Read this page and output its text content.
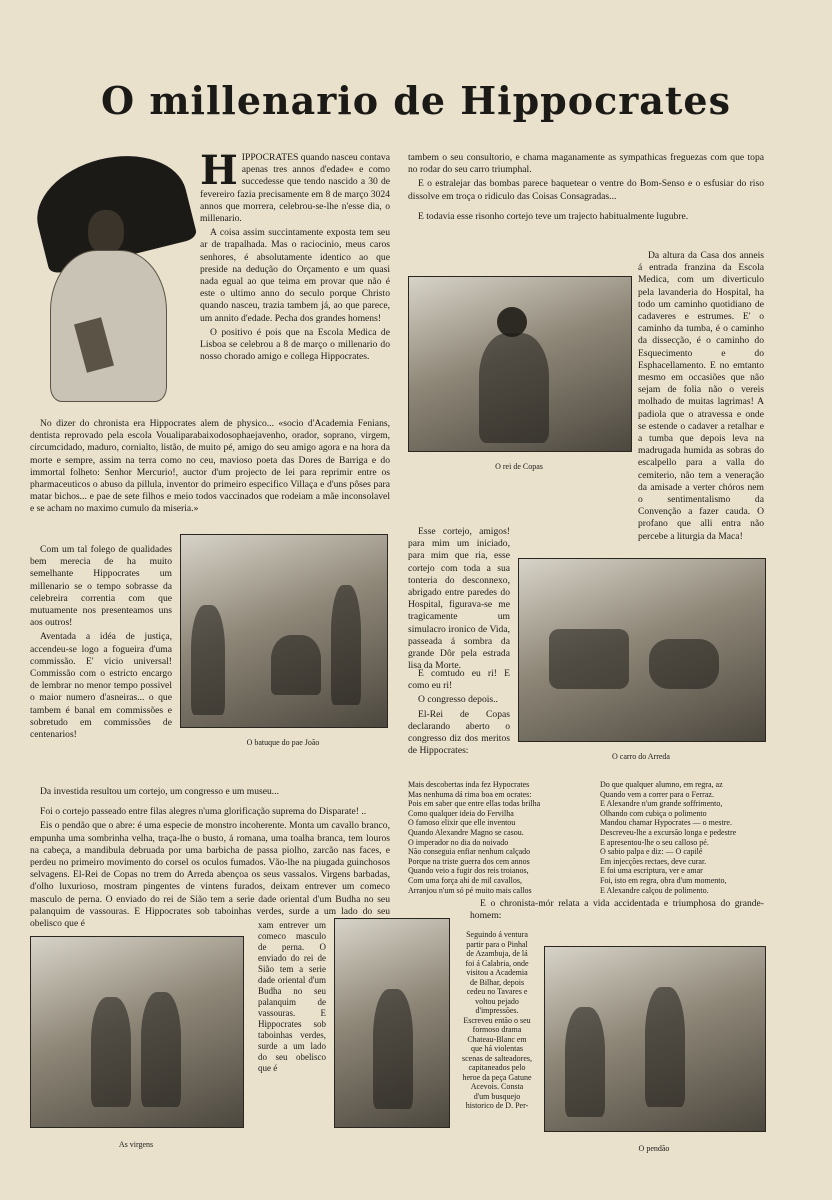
O millenario de Hippocrates

HIPPOCRATES quando nasceu contava apenas tres annos d'edade« e como succedesse que tendo nascido a 30 de fevereiro fazia precisamente em 8 de março 3024 annos que morrera, celebrou-se-lhe n'esse dia, o millenario.

A coisa assim succintamente exposta tem seu ar de trapalhada. Mas o raciocinio, meus caros senhores, é absolutamente identico ao que preside na dedução do Orçamento e um quasi nada egual ao que teima em provar que não é este o ultimo anno do seculo porque Christo quando nasceu, trazia tambem já, ao que parece, um annito d'edade. Pecha dos grandes homens!

O positivo é pois que na Escola Medica de Lisboa se celebrou a 8 de março o millenario do nosso chorado amigo e collega Hippocrates.

No dizer do chronista era Hippocrates alem de physico... «socio d'Academia Fenians, dentista reprovado pela escola Voualiparabaixodosophaejavenho, orador, soprano, virgem, circumcidado, maduro, cornialto, listão, de muito pé, amigo do seu amigo agora e na hora da morte e sempre, assim na terra como no ceu, mavioso poeta das Dores de Barriga e do immortal folheto: Senhor Mercurio!, auctor d'um projecto de lei para reprimir entre os pharmaceuticos o abuso da pillula, inventor do primeiro especifico Villaça e d'uns pôses para matar bichos... e pae de sete filhos e meio todos vaccinados que rodeiam a mãe inconsolavel e se acham no maximo cumulo da miseria.»

O batuque do pae João

Com um tal folego de qualidades bem merecia de ha muito semelhante Hippocrates um millenario se o tempo sobrasse da celebreira correntia com que mutuamente nos presenteamos uns aos outros!

Aventada a idéa de justiça, accendeu-se logo a fogueira d'uma commissão. E' vicio universal! Commissão com o estricto encargo de lembrar no menor tempo possivel o maior numero d'asneiras... o que tambem é banal em commissões e sobretudo em commissões de centenarios!

Da investida resultou um cortejo, um congresso e um museu...

Foi o cortejo passeado entre filas alegres n'uma glorificação suprema do Disparate! ..

Eis o pendão que o abre: é uma especie de monstro incoherente. Monta um cavallo branco, empunha uma sombrinha velha, traça-lhe o busto, á romana, uma toalha branca, tem louros na cabeça, a mandibula debruada por uma barbicha de passa piolho, zarcão nas faces, e perdeu no primeiro movimento do corsel os oculos fumados. Vão-lhe na piugada guinchosos selvagens. El-Rei de Copas no trem do Arreda abençoa os seus vassalos. Virgens barbadas, d'olho luxurioso, mostram pingentes de vintens furados, deixam entrever um comeco masculo de perna. O enviado do rei de Sião tem a serie dade oriental d'um Budha no seu palanquim de vassouras. E Hippocrates sob taboinhas verdes, surde a um lado do seu obelisco que é

tambem o seu consultorio, e chama maganamente as sympathicas freguezas com que topa no rodar do seu carro triumphal.

E o estralejar das bombas parece baquetear o ventre do Bom-Senso e o esfusiar do riso dissolve em troça o ridiculo das Coisas Consagradas...

E todavia esse risonho cortejo teve um trajecto habitualmente lugubre.

O rei de Copas

Da altura da Casa dos anneis á entrada franzina da Escola Medica, com um diverticulo pela lavanderia do Hospital, ha todo um caminho quotidiano de cadaveres e estrumes. E' o caminho da tumba, é o caminho da dissecção, é o caminho do Esquecimento e do Esphacellamento. E no emtanto mesmo em occasiões que não sejam de folia não o vereis molhado de muitas lagrimas! A padiola que o atravessa e onde se estende o cadaver a retalhar e a tumba que depois leva na madrugada humida as sobras do escalpello para a valla do cemiterio, não tem a veneração da amisade a verter chóros nem o sentimentalismo da Convenção a fazer cauda. O profano que alli entra não percebe a liturgia da Maca!

O carro do Arreda

Esse cortejo, amigos! para mim um iniciado, para mim que ria, esse cortejo com toda a sua tonteria do desconnexo, abrigado entre paredes do Hospital, figurava-se me tragicamente um simulacro ironico de Vida, passeada á sombra da grande Dôr pela estrada lisa da Morte.

E comtudo eu ri! E como eu ri!

O congresso depois..

El-Rei de Copas declarando aberto o congresso diz dos meritos de Hippocrates:

Mais descobertas inda fez Hypocrates
Mas nenhuma dá rima boa em ocrates:
Pois em saber que entre ellas todas brilha
Como qualquer ideia do Fervilha
O famoso elixir que elle inventou
Quando Alexandre Magno se casou.
O imperador no dia do noivado
Não conseguia enfiar nenhum calçado
Porque na triste guerra dos cem annos
Quando veio a fugir dos reis troianos,
Com uma força ahi de mil cavallos,
Arranjou n'um só pé muito mais callos
Do que qualquer alumno, em regra, az
Quando vem a correr para o Ferraz.
E Alexandre n'um grande soffrimento,
Olhando com cubiça o polimento
Mandou chamar Hypocrates — o mestre.
Descreveu-lhe a excursão longa e pedestre
E apresentou-lhe o seu calloso pé.
O sabio palpa e diz: — O capilé
Em injecções rectaes, deve curar.
E foi uma escriptura, ver e amar
Foi, isto em regra, obra d'um momento,
E Alexandre calçou de polimento.

E o chronista-mór relata a vida accidentada e triumphosa do grande-homem:

As virgens
Seguindo á ventura partir para o Pinhal de Azambuja, de lá foi á Calabria, onde visitou a Academia de Bilhar, depois cedeu no Tavares e voltou pejado d'impressões. Escreveu então o seu formoso drama Chateau-Blanc em que há violentas scenas de salteadores, capitaneados pelo heroe da peça Gatune Acevois. Consta d'um busquejo historico de D. Per-
O pendão

xam entrever um comeco masculo de perna. O enviado do rei de Sião tem a serie dade oriental d'um Budha no seu palanquim de vassouras. E Hippocrates sob taboinhas verdes, surde a um lado do seu obelisco que é
